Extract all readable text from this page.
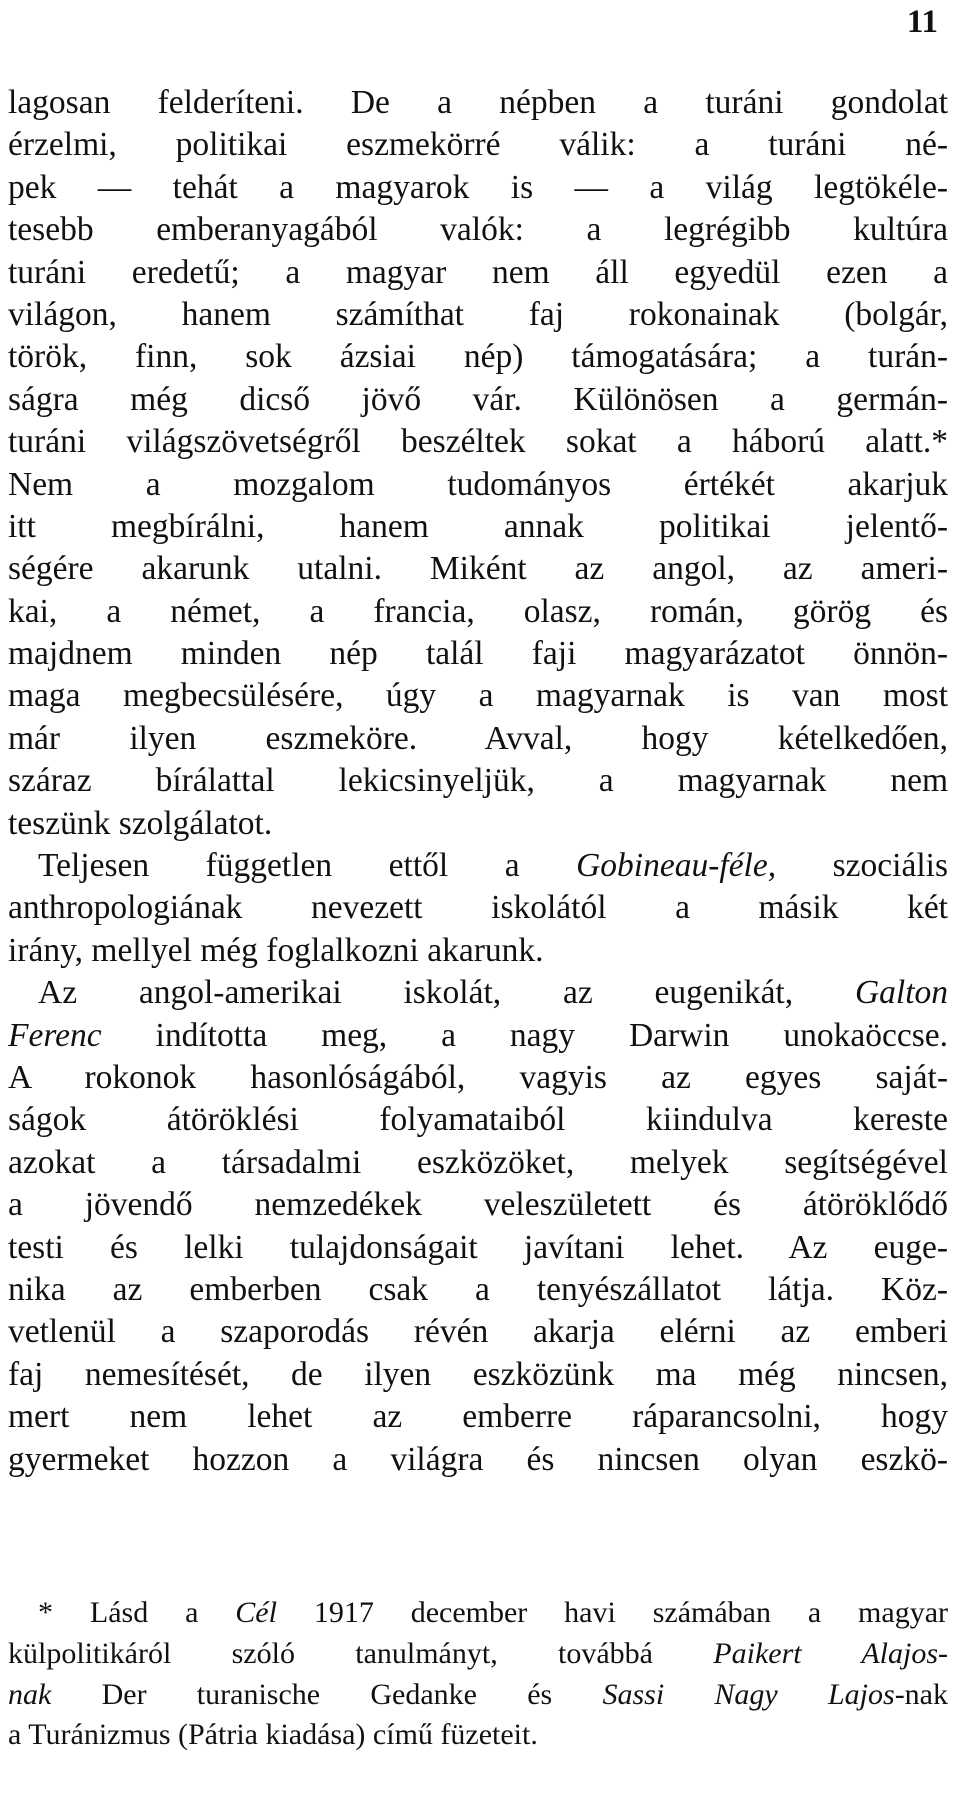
11
lagosan felderíteni. De a népben a turáni gondolat
érzelmi, politikai eszmekörré válik: a turáni né-
pek — tehát a magyarok is — a világ legtökéle-
tesebb emberanyagából valók: a legrégibb kultúra
turáni eredetű; a magyar nem áll egyedül ezen a
világon, hanem számíthat faj rokonainak (bolgár,
török, finn, sok ázsiai nép) támogatására; a turán-
ságra még dicső jövő vár. Különösen a germán-
turáni világszövetségről beszéltek sokat a háború alatt.*
Nem a mozgalom tudományos értékét akarjuk
itt megbírálni, hanem annak politikai jelentő-
ségére akarunk utalni. Miként az angol, az ameri-
kai, a német, a francia, olasz, román, görög és
majdnem minden nép talál faji magyarázatot önnön-
maga megbecsülésére, úgy a magyarnak is van most
már ilyen eszmeköre. Avval, hogy kételkedően,
száraz bírálattal lekicsinyeljük, a magyarnak nem
teszünk szolgálatot.
Teljesen független ettől a Gobineau-féle, szociális
anthropologiának nevezett iskolától a másik két
irány, mellyel még foglalkozni akarunk.
Az angol-amerikai iskolát, az eugenikát, Galton
Ferenc indította meg, a nagy Darwin unokaöccse.
A rokonok hasonlóságából, vagyis az egyes saját-
ságok átöröklési folyamataiból kiindulva kereste
azokat a társadalmi eszközöket, melyek segítségével
a jövendő nemzedékek veleszületett és átöröklődő
testi és lelki tulajdonságait javítani lehet. Az euge-
nika az emberben csak a tenyészállatot látja. Köz-
vetlenül a szaporodás révén akarja elérni az emberi
faj nemesítését, de ilyen eszközünk ma még nincsen,
mert nem lehet az emberre ráparancsolni, hogy
gyermeket hozzon a világra és nincsen olyan eszkö-
* Lásd a Cél 1917 december havi számában a magyar
külpolitikáról szóló tanulmányt, továbbá Paikert Alajos-
nak Der turanische Gedanke és Sassi Nagy Lajos-nak
a Turánizmus (Pátria kiadása) című füzeteit.
